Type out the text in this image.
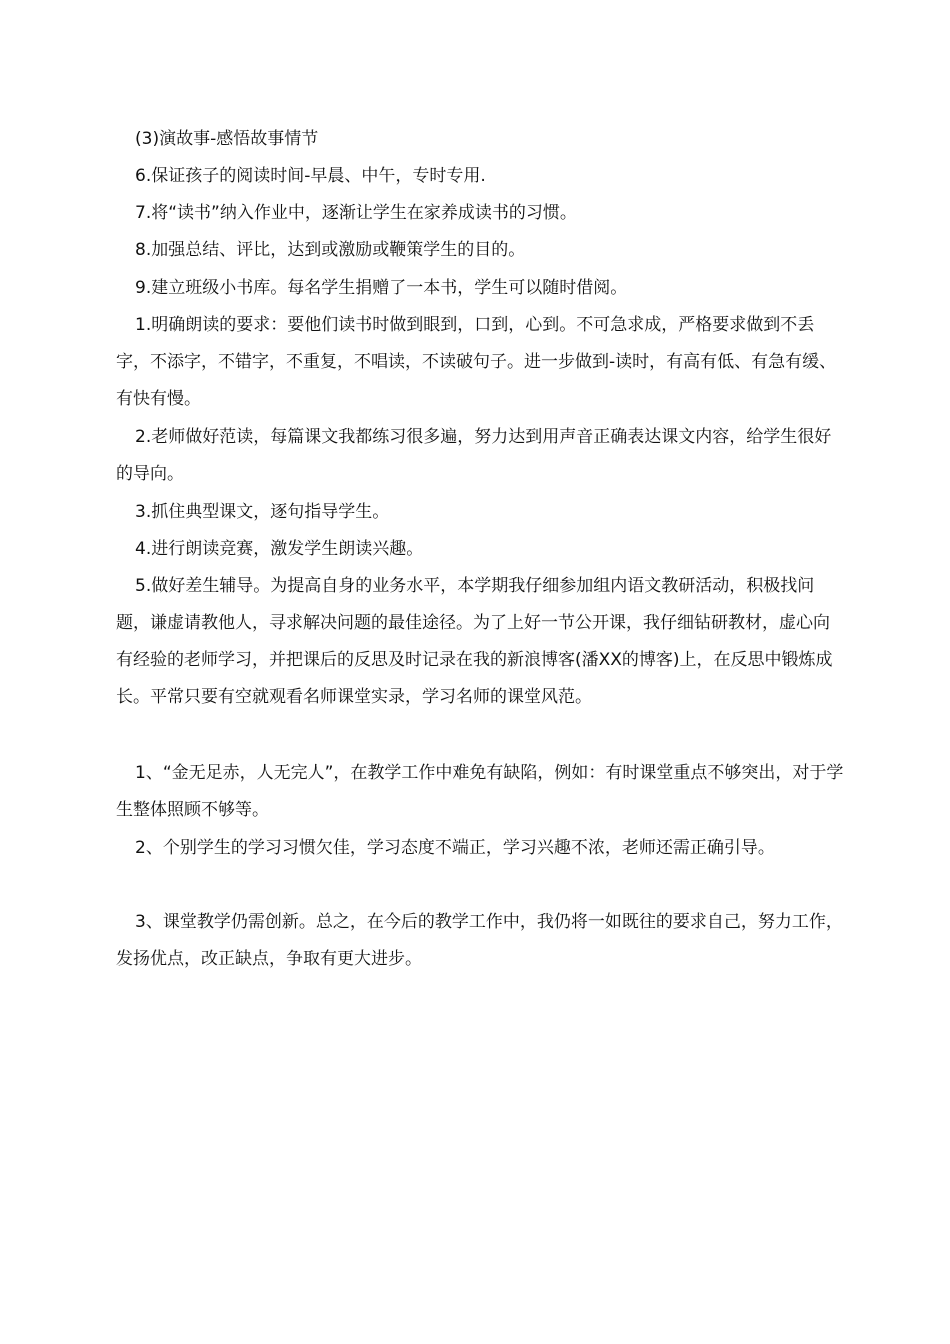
(3)演故事-感悟故事情节

6.保证孩子的阅读时间-早晨、中午，专时专用.

7.将“读书”纳入作业中，逐渐让学生在家养成读书的习惯。

8.加强总结、评比，达到或激励或鞭策学生的目的。

9.建立班级小书库。每名学生捐赠了一本书，学生可以随时借阅。

1.明确朗读的要求：要他们读书时做到眼到，口到，心到。不可急求成，严格要求做到不丢字，不添字，不错字，不重复，不唱读，不读破句子。进一步做到-读时，有高有低、有急有缓、有快有慢。

2.老师做好范读，每篇课文我都练习很多遍，努力达到用声音正确表达课文内容，给学生很好的导向。

3.抓住典型课文，逐句指导学生。

4.进行朗读竞赛，激发学生朗读兴趣。

5.做好差生辅导。为提高自身的业务水平，本学期我仔细参加组内语文教研活动，积极找问题，谦虚请教他人，寻求解决问题的最佳途径。为了上好一节公开课，我仔细钻研教材，虚心向有经验的老师学习，并把课后的反思及时记录在我的新浪博客(潘XX的博客)上，在反思中锻炼成长。平常只要有空就观看名师课堂实录，学习名师的课堂风范。

1、“金无足赤，人无完人”，在教学工作中难免有缺陷，例如：有时课堂重点不够突出，对于学生整体照顾不够等。

2、个别学生的学习习惯欠佳，学习态度不端正，学习兴趣不浓，老师还需正确引导。

3、课堂教学仍需创新。总之，在今后的教学工作中，我仍将一如既往的要求自己，努力工作，发扬优点，改正缺点，争取有更大进步。
